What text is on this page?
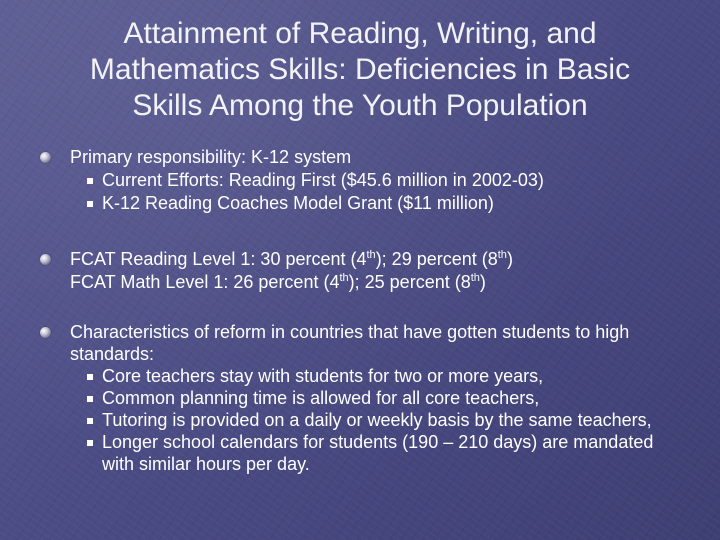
Attainment of Reading, Writing, and
Mathematics Skills: Deficiencies in Basic
Skills Among the Youth Population
Primary responsibility: K-12 system
Current Efforts: Reading First ($45.6 million in 2002-03)
K-12 Reading Coaches Model Grant ($11 million)
FCAT Reading Level 1: 30 percent (4th); 29 percent (8th)
FCAT Math Level 1: 26 percent (4th); 25 percent (8th)
Characteristics of reform in countries that have gotten students to high standards:
Core teachers stay with students for two or more years,
Common planning time is allowed for all core teachers,
Tutoring is provided on a daily or weekly basis by the same teachers,
Longer school calendars for students (190 – 210 days) are mandated with similar hours per day.
